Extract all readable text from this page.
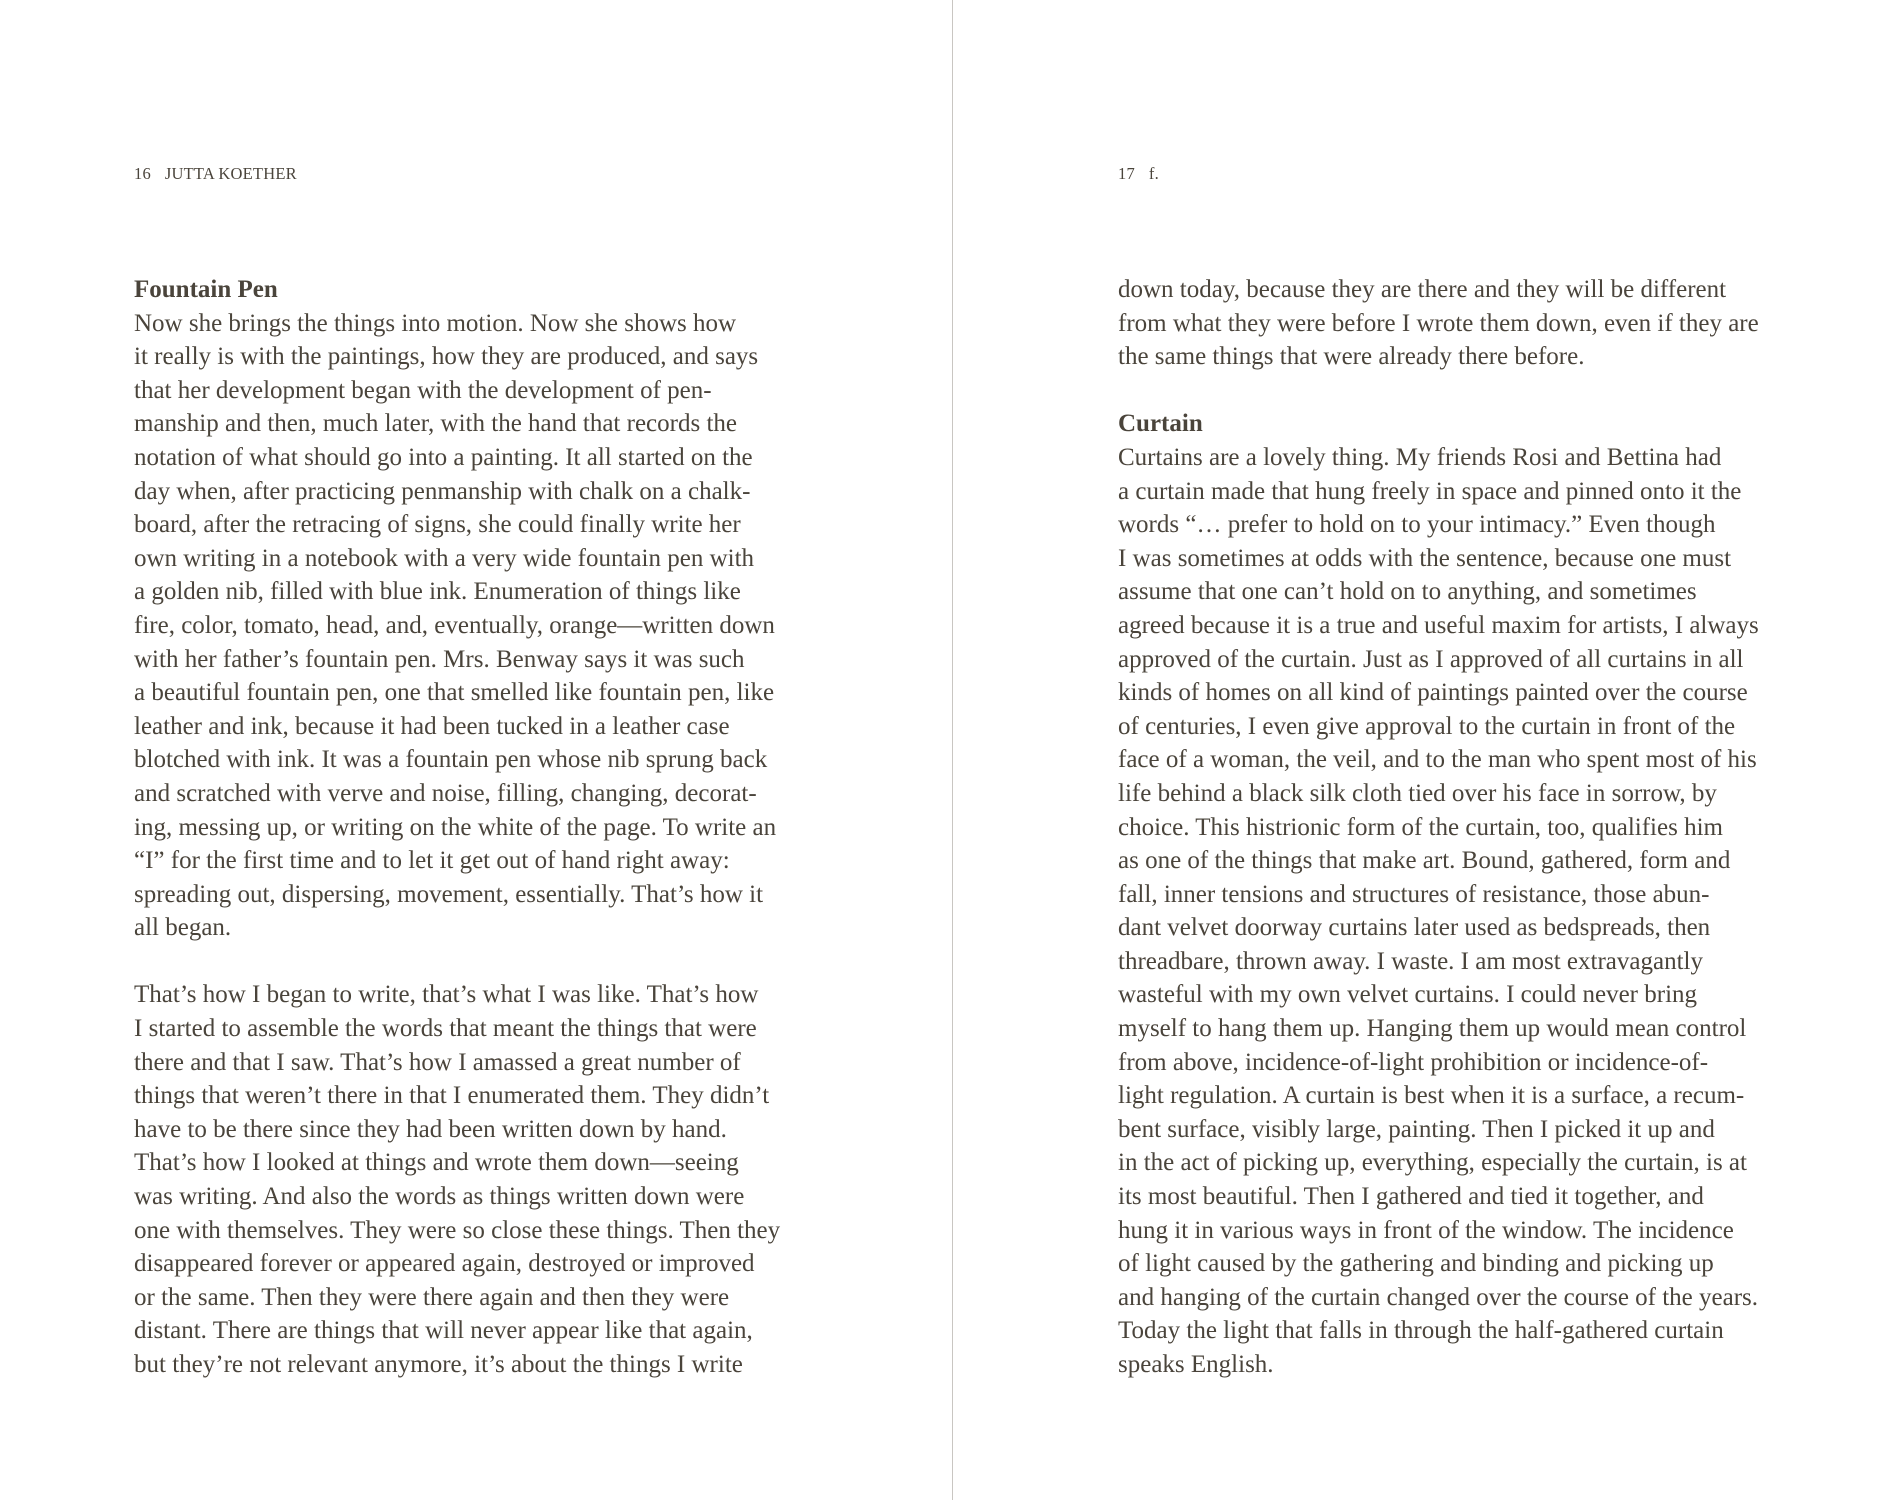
16 JUTTA KOETHER	17 f.
Fountain Pen
Now she brings the things into motion. Now she shows how
it really is with the paintings, how they are produced, and says
that her development began with the development of pen-
manship and then, much later, with the hand that records the
notation of what should go into a painting. It all started on the
day when, after practicing penmanship with chalk on a chalk-
board, after the retracing of signs, she could finally write her
own writing in a notebook with a very wide fountain pen with
a golden nib, filled with blue ink. Enumeration of things like
fire, color, tomato, head, and, eventually, orange—written down
with her father’s fountain pen. Mrs. Benway says it was such
a beautiful fountain pen, one that smelled like fountain pen, like
leather and ink, because it had been tucked in a leather case
blotched with ink. It was a fountain pen whose nib sprung back
and scratched with verve and noise, filling, changing, decorat-
ing, messing up, or writing on the white of the page. To write an
“I” for the first time and to let it get out of hand right away:
spreading out, dispersing, movement, essentially. That’s how it
all began.
That’s how I began to write, that’s what I was like. That’s how
I started to assemble the words that meant the things that were
there and that I saw. That’s how I amassed a great number of
things that weren’t there in that I enumerated them. They didn’t
have to be there since they had been written down by hand.
That’s how I looked at things and wrote them down—seeing
was writing. And also the words as things written down were
one with themselves. They were so close these things. Then they
disappeared forever or appeared again, destroyed or improved
or the same. Then they were there again and then they were
distant. There are things that will never appear like that again,
but they’re not relevant anymore, it’s about the things I write
down today, because they are there and they will be different
from what they were before I wrote them down, even if they are
the same things that were already there before.
Curtain
Curtains are a lovely thing. My friends Rosi and Bettina had
a curtain made that hung freely in space and pinned onto it the
words “… prefer to hold on to your intimacy.” Even though
I was sometimes at odds with the sentence, because one must
assume that one can’t hold on to anything, and sometimes
agreed because it is a true and useful maxim for artists, I always
approved of the curtain. Just as I approved of all curtains in all
kinds of homes on all kind of paintings painted over the course
of centuries, I even give approval to the curtain in front of the
face of a woman, the veil, and to the man who spent most of his
life behind a black silk cloth tied over his face in sorrow, by
choice. This histrionic form of the curtain, too, qualifies him
as one of the things that make art. Bound, gathered, form and
fall, inner tensions and structures of resistance, those abun-
dant velvet doorway curtains later used as bedspreads, then
threadbare, thrown away. I waste. I am most extravagantly
wasteful with my own velvet curtains. I could never bring
myself to hang them up. Hanging them up would mean control
from above, incidence-of-light prohibition or incidence-of-
light regulation. A curtain is best when it is a surface, a recum-
bent surface, visibly large, painting. Then I picked it up and
in the act of picking up, everything, especially the curtain, is at
its most beautiful. Then I gathered and tied it together, and
hung it in various ways in front of the window. The incidence
of light caused by the gathering and binding and picking up
and hanging of the curtain changed over the course of the years.
Today the light that falls in through the half-gathered curtain
speaks English.
